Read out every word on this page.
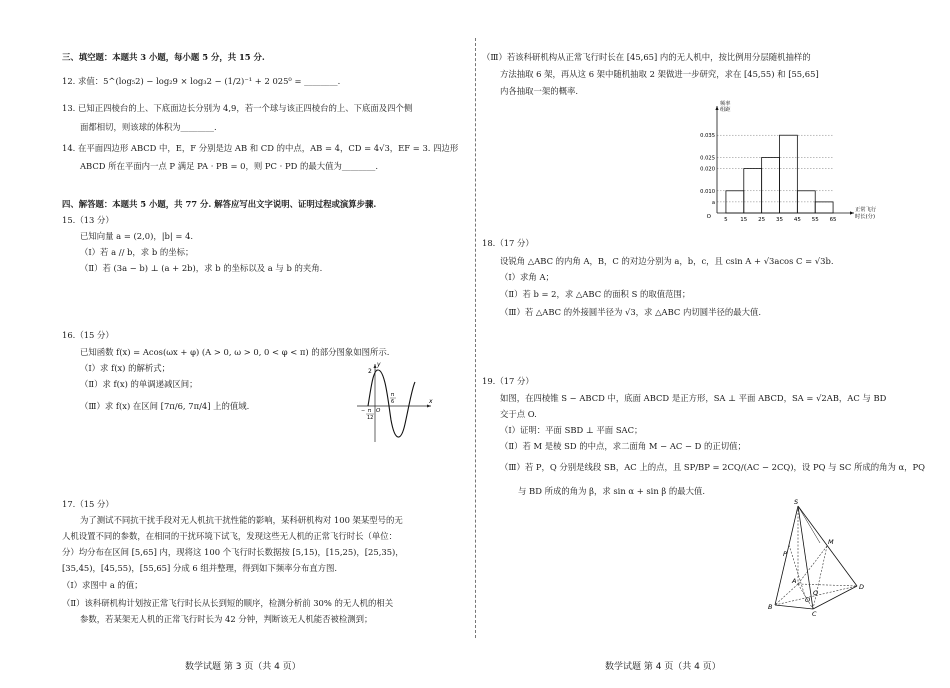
三、填空题：本题共 3 小题，每小题 5 分，共 15 分.
12. 求值：5^(log₅2) − log₂9 × log₃2 − (1/2)⁻¹ + 2 025⁰ = ________.
13. 已知正四棱台的上、下底面边长分别为 4,9，若一个球与该正四棱台的上、下底面及四个侧
面都相切，则该球的体积为________.
14. 在平面四边形 ABCD 中，E，F 分别是边 AB 和 CD 的中点，AB = 4，CD = 4√3，EF = 3. 四边形
ABCD 所在平面内一点 P 满足 PA · PB = 0，则 PC · PD 的最大值为________.
四、解答题：本题共 5 小题，共 77 分. 解答应写出文字说明、证明过程或演算步骤.
15.（13 分）
已知向量 a = (2,0)，|b| = 4.
（Ⅰ）若 a // b，求 b 的坐标；
（Ⅱ）若 (3a − b) ⊥ (a + 2b)，求 b 的坐标以及 a 与 b 的夹角.
16.（15 分）
已知函数 f(x) = Acos(ωx + φ) (A > 0, ω > 0, 0 < φ < π) 的部分图象如图所示.
（Ⅰ）求 f(x) 的解析式；
（Ⅱ）求 f(x) 的单调递减区间；
（Ⅲ）求 f(x) 在区间 [7π/6, 7π/4] 上的值域.
2
y
x
O
π
6
π
−
12
17.（15 分）
为了测试不同抗干扰手段对无人机抗干扰性能的影响，某科研机构对 100 架某型号的无
人机设置不同的参数，在相同的干扰环境下试飞，发现这些无人机的正常飞行时长（单位：
分）均分布在区间 [5,65] 内，现将这 100 个飞行时长数据按 [5,15)，[15,25)，[25,35)，
[35,45)，[45,55)，[55,65] 分成 6 组并整理，得到如下频率分布直方图.
（Ⅰ）求图中 a 的值；
（Ⅱ）该科研机构计划按正常飞行时长从长到短的顺序，检测分析前 30% 的无人机的相关
参数，若某架无人机的正常飞行时长为 42 分钟，判断该无人机能否被检测到；
数学试题 第 3 页（共 4 页）
（Ⅲ）若该科研机构从正常飞行时长在 [45,65] 内的无人机中，按比例用分层随机抽样的
方法抽取 6 架，再从这 6 架中随机抽取 2 架做进一步研究，求在 [45,55) 和 [55,65]
内各抽取一架的概率.
0.035
0.025
0.020
0.010
a
5 15 25 35 45 55 65
O
频率
组距
正常飞行
时长(分)
18.（17 分）
设锐角 △ABC 的内角 A，B，C 的对边分别为 a，b，c，且 csin A + √3acos C = √3b.
（Ⅰ）求角 A；
（Ⅱ）若 b = 2，求 △ABC 的面积 S 的取值范围；
（Ⅲ）若 △ABC 的外接圆半径为 √3，求 △ABC 内切圆半径的最大值.
19.（17 分）
如图，在四棱锥 S − ABCD 中，底面 ABCD 是正方形，SA ⊥ 平面 ABCD，SA = √2AB，AC 与 BD
交于点 O.
（Ⅰ）证明：平面 SBD ⊥ 平面 SAC；
（Ⅱ）若 M 是棱 SD 的中点，求二面角 M − AC − D 的正切值；
（Ⅲ）若 P，Q 分别是线段 SB，AC 上的点，且 SP/BP = 2CQ/(AC − 2CQ)，设 PQ 与 SC 所成的角为 α，PQ
与 BD 所成的角为 β，求 sin α + sin β 的最大值.
S
M
P
A
D
O
Q
B
C
数学试题 第 4 页（共 4 页）
